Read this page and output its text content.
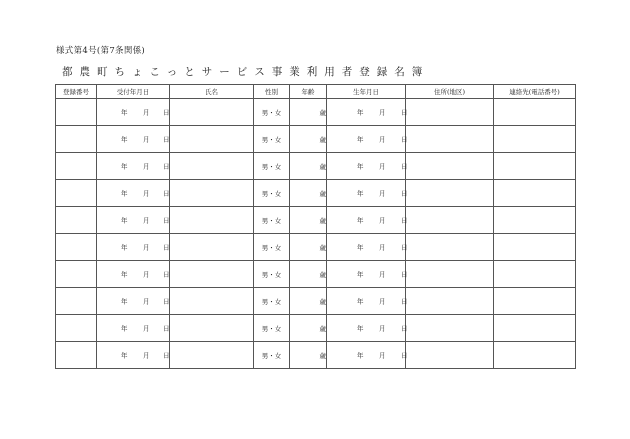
様式第4号(第7条関係)
都農町ちょこっとサービス事業利用者登録名簿
登録番号	受付年月日	氏名	性別	年齢	生年月日	住所(地区)	連絡先(電話番号)

	年 月 日		男・女	歳	年 月 日		

	年 月 日		男・女	歳	年 月 日		

	年 月 日		男・女	歳	年 月 日		

	年 月 日		男・女	歳	年 月 日		

	年 月 日		男・女	歳	年 月 日		

	年 月 日		男・女	歳	年 月 日		

	年 月 日		男・女	歳	年 月 日		

	年 月 日		男・女	歳	年 月 日		

	年 月 日		男・女	歳	年 月 日		

	年 月 日		男・女	歳	年 月 日		
